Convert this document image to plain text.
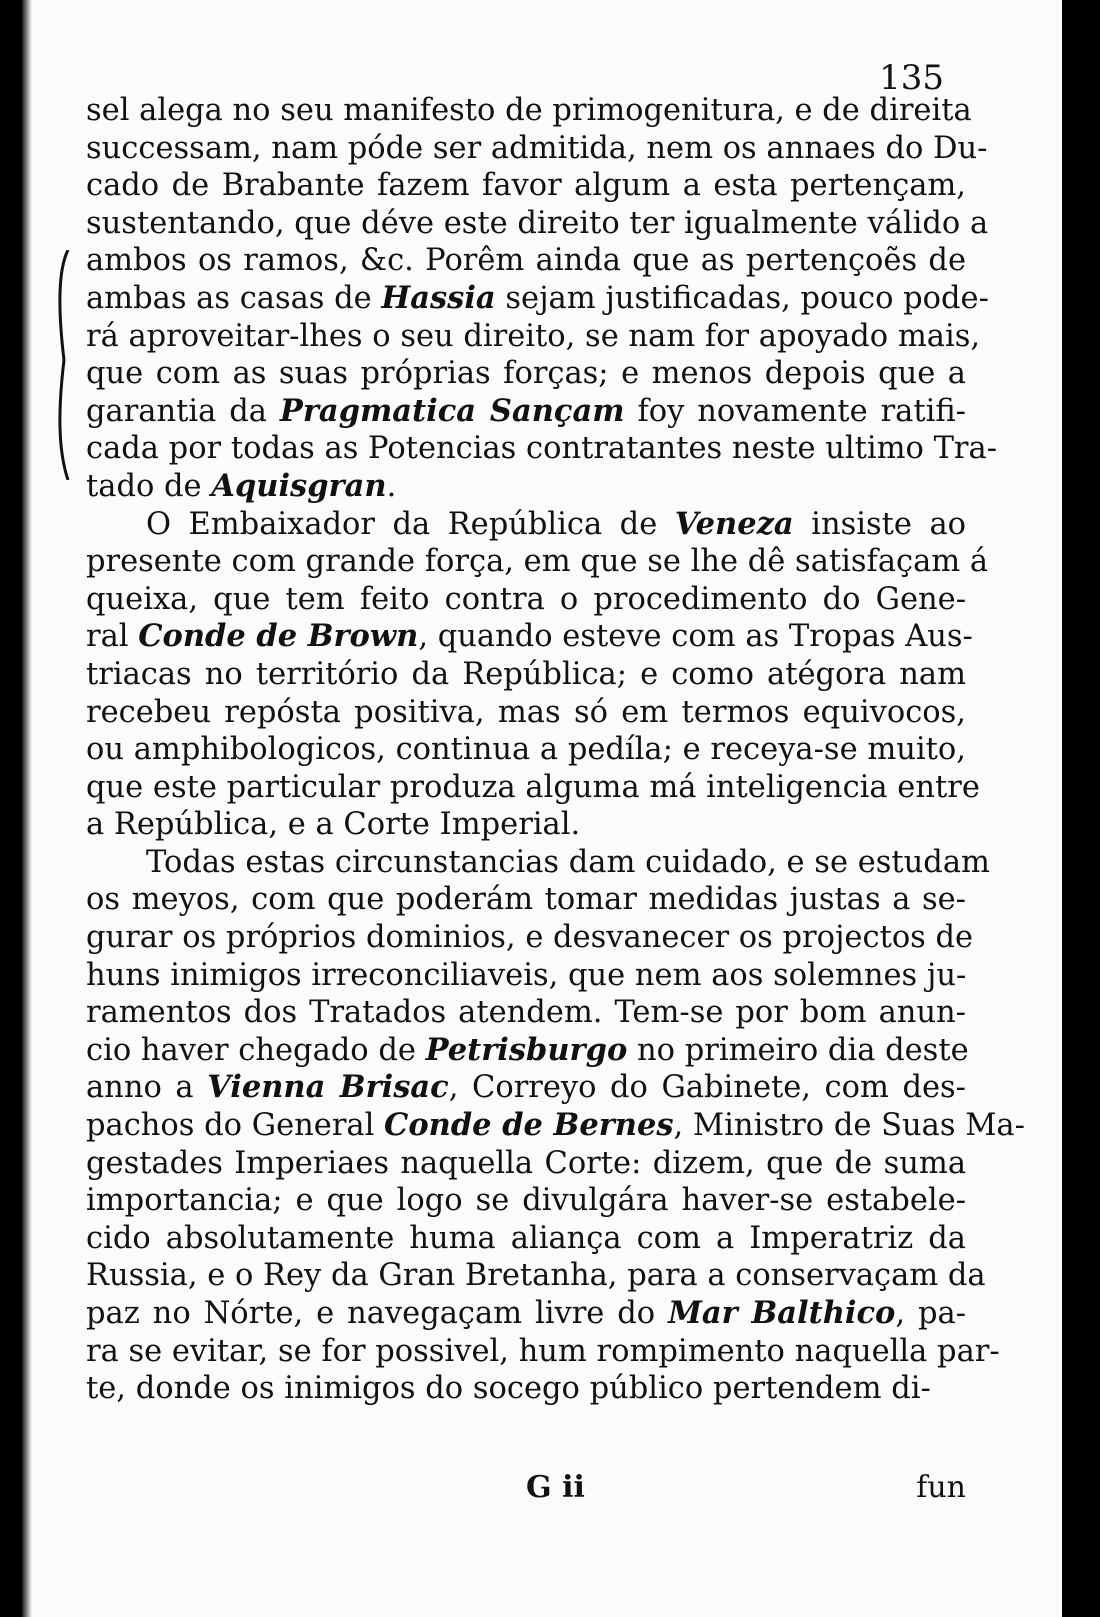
135
sel alega no seu manifesto de primogenitura, e de direita
successam, nam póde ser admitida, nem os annaes do Du-
cado de Brabante fazem favor algum a esta pertençam,
sustentando, que déve este direito ter igualmente válido a
ambos os ramos, &c. Porêm ainda que as pertençoẽs de
ambas as casas de Hassia sejam justificadas, pouco pode-
rá aproveitar-lhes o seu direito, se nam for apoyado mais,
que com as suas próprias forças; e menos depois que a
garantia da Pragmatica Sançam foy novamente ratifi-
cada por todas as Potencias contratantes neste ultimo Tra-
tado de Aquisgran.
O Embaixador da República de Veneza insiste ao
presente com grande força, em que se lhe dê satisfaçam á
queixa, que tem feito contra o procedimento do Gene-
ral Conde de Brown, quando esteve com as Tropas Aus-
triacas no território da República; e como atégora nam
recebeu repósta positiva, mas só em termos equivocos,
ou amphibologicos, continua a pedíla; e receya-se muito,
que este particular produza alguma má inteligencia entre
a República, e a Corte Imperial.
Todas estas circunstancias dam cuidado, e se estudam
os meyos, com que poderám tomar medidas justas a se-
gurar os próprios dominios, e desvanecer os projectos de
huns inimigos irreconciliaveis, que nem aos solemnes ju-
ramentos dos Tratados atendem. Tem-se por bom anun-
cio haver chegado de Petrisburgo no primeiro dia deste
anno a Vienna Brisac, Correyo do Gabinete, com des-
pachos do General Conde de Bernes, Ministro de Suas Ma-
gestades Imperiaes naquella Corte: dizem, que de suma
importancia; e que logo se divulgára haver-se estabele-
cido absolutamente huma aliança com a Imperatriz da
Russia, e o Rey da Gran Bretanha, para a conservaçam da
paz no Nórte, e navegaçam livre do Mar Balthico, pa-
ra se evitar, se for possivel, hum rompimento naquella par-
te, donde os inimigos do socego público pertendem di-
G ii	fun
